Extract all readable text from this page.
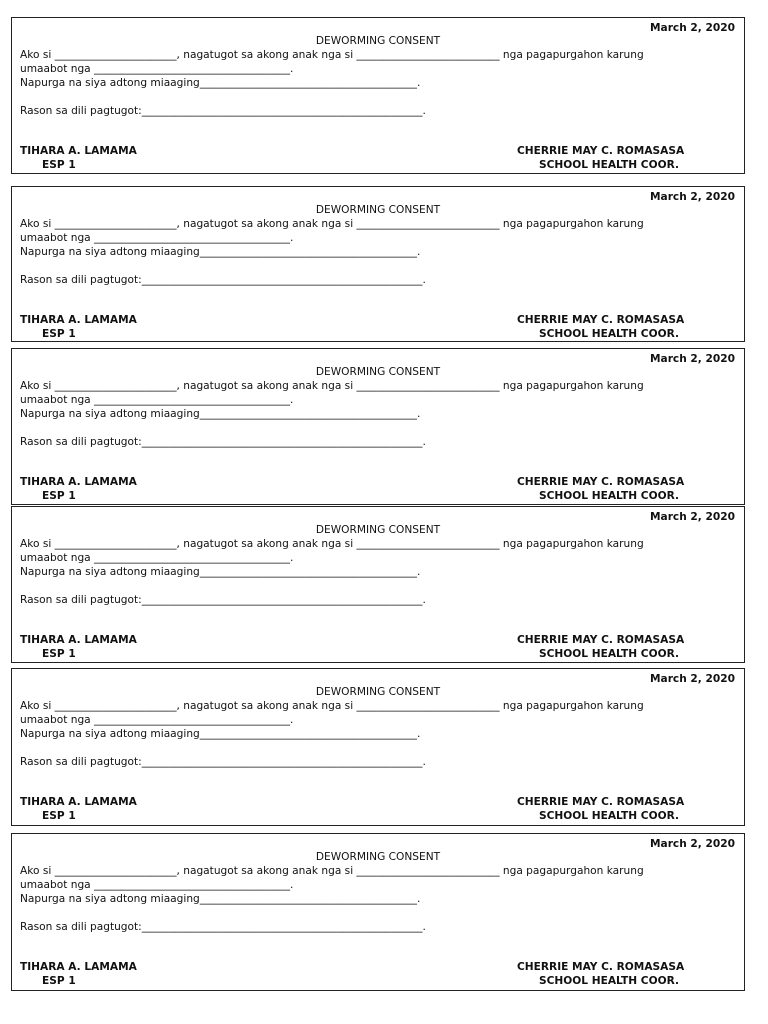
March 2, 2020
DEWORMING CONSENT
Ako si _______________________, nagatugot sa akong anak nga si ___________________________ nga pagapurgahon karung
umaabot nga _____________________________________.
Napurga na siya adtong miaaging_________________________________________.
Rason sa dili pagtugot:_____________________________________________________.
TIHARA A. LAMAMA
ESP 1
CHERRIE MAY C. ROMASASA
SCHOOL HEALTH COOR.
March 2, 2020
DEWORMING CONSENT
Ako si _______________________, nagatugot sa akong anak nga si ___________________________ nga pagapurgahon karung
umaabot nga _____________________________________.
Napurga na siya adtong miaaging_________________________________________.
Rason sa dili pagtugot:_____________________________________________________.
TIHARA A. LAMAMA
ESP 1
CHERRIE MAY C. ROMASASA
SCHOOL HEALTH COOR.
March 2, 2020
DEWORMING CONSENT
Ako si _______________________, nagatugot sa akong anak nga si ___________________________ nga pagapurgahon karung
umaabot nga _____________________________________.
Napurga na siya adtong miaaging_________________________________________.
Rason sa dili pagtugot:_____________________________________________________.
TIHARA A. LAMAMA
ESP 1
CHERRIE MAY C. ROMASASA
SCHOOL HEALTH COOR.
March 2, 2020
DEWORMING CONSENT
Ako si _______________________, nagatugot sa akong anak nga si ___________________________ nga pagapurgahon karung
umaabot nga _____________________________________.
Napurga na siya adtong miaaging_________________________________________.
Rason sa dili pagtugot:_____________________________________________________.
TIHARA A. LAMAMA
ESP 1
CHERRIE MAY C. ROMASASA
SCHOOL HEALTH COOR.
March 2, 2020
DEWORMING CONSENT
Ako si _______________________, nagatugot sa akong anak nga si ___________________________ nga pagapurgahon karung
umaabot nga _____________________________________.
Napurga na siya adtong miaaging_________________________________________.
Rason sa dili pagtugot:_____________________________________________________.
TIHARA A. LAMAMA
ESP 1
CHERRIE MAY C. ROMASASA
SCHOOL HEALTH COOR.
March 2, 2020
DEWORMING CONSENT
Ako si _______________________, nagatugot sa akong anak nga si ___________________________ nga pagapurgahon karung
umaabot nga _____________________________________.
Napurga na siya adtong miaaging_________________________________________.
Rason sa dili pagtugot:_____________________________________________________.
TIHARA A. LAMAMA
ESP 1
CHERRIE MAY C. ROMASASA
SCHOOL HEALTH COOR.
